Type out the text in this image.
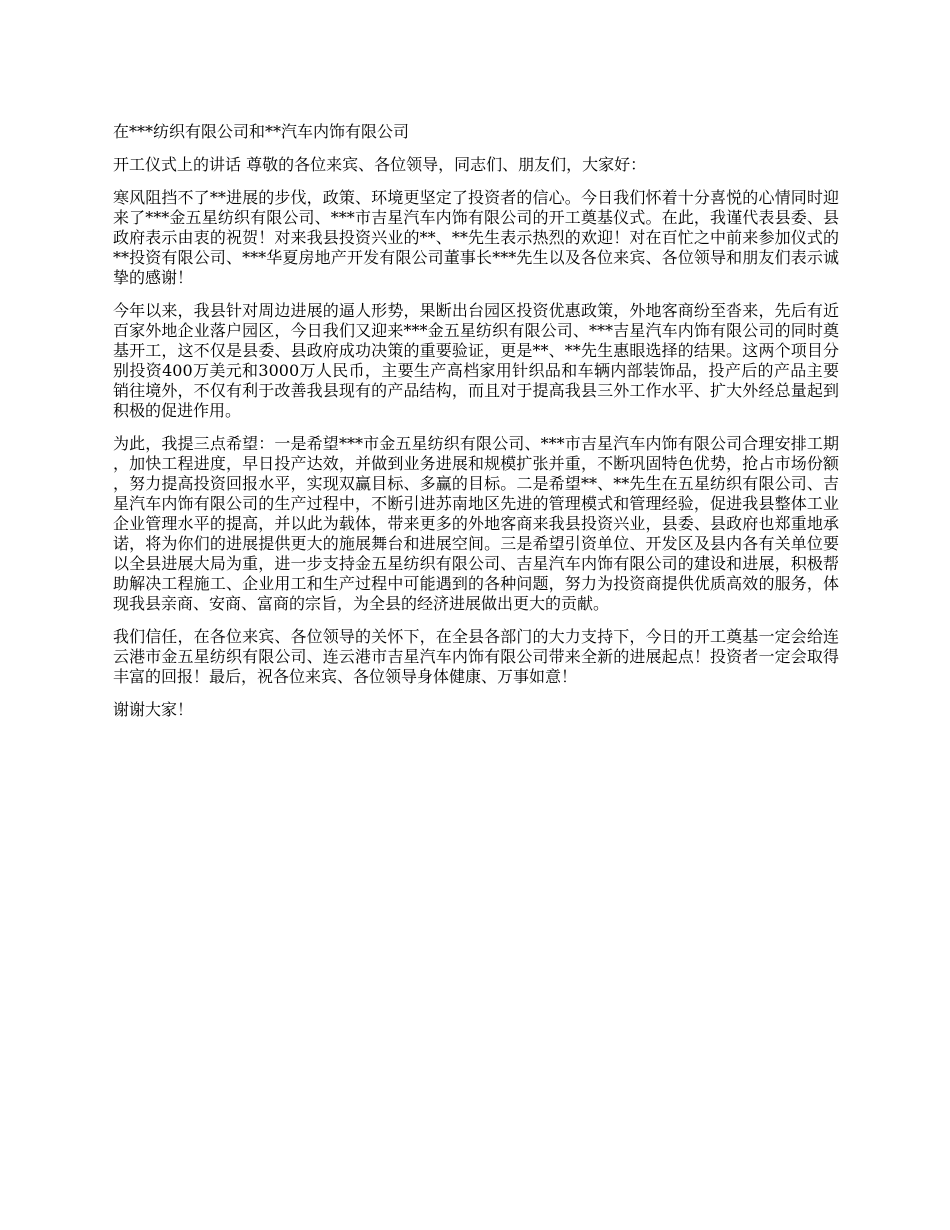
在***纺织有限公司和**汽车内饰有限公司

开工仪式上的讲话 尊敬的各位来宾、各位领导，同志们、朋友们，大家好：

寒风阻挡不了**进展的步伐，政策、环境更坚定了投资者的信心。今日我们怀着十分喜悦的心情同时迎来了***金五星纺织有限公司、***市吉星汽车内饰有限公司的开工奠基仪式。在此，我谨代表县委、县政府表示由衷的祝贺！对来我县投资兴业的**、**先生表示热烈的欢迎！对在百忙之中前来参加仪式的**投资有限公司、***华夏房地产开发有限公司董事长***先生以及各位来宾、各位领导和朋友们表示诚挚的感谢！

今年以来，我县针对周边进展的逼人形势，果断出台园区投资优惠政策，外地客商纷至沓来，先后有近百家外地企业落户园区，今日我们又迎来***金五星纺织有限公司、***吉星汽车内饰有限公司的同时奠基开工，这不仅是县委、县政府成功决策的重要验证，更是**、**先生惠眼选择的结果。这两个项目分别投资400万美元和3000万人民币，主要生产高档家用针织品和车辆内部装饰品，投产后的产品主要销往境外，不仅有利于改善我县现有的产品结构，而且对于提高我县三外工作水平、扩大外经总量起到积极的促进作用。

为此，我提三点希望：一是希望***市金五星纺织有限公司、***市吉星汽车内饰有限公司合理安排工期，加快工程进度，早日投产达效，并做到业务进展和规模扩张并重，不断巩固特色优势，抢占市场份额，努力提高投资回报水平，实现双赢目标、多赢的目标。二是希望**、**先生在五星纺织有限公司、吉星汽车内饰有限公司的生产过程中，不断引进苏南地区先进的管理模式和管理经验，促进我县整体工业企业管理水平的提高，并以此为载体，带来更多的外地客商来我县投资兴业，县委、县政府也郑重地承诺，将为你们的进展提供更大的施展舞台和进展空间。三是希望引资单位、开发区及县内各有关单位要以全县进展大局为重，进一步支持金五星纺织有限公司、吉星汽车内饰有限公司的建设和进展，积极帮助解决工程施工、企业用工和生产过程中可能遇到的各种问题，努力为投资商提供优质高效的服务，体现我县亲商、安商、富商的宗旨，为全县的经济进展做出更大的贡献。

我们信任，在各位来宾、各位领导的关怀下，在全县各部门的大力支持下，今日的开工奠基一定会给连云港市金五星纺织有限公司、连云港市吉星汽车内饰有限公司带来全新的进展起点！投资者一定会取得丰富的回报！最后，祝各位来宾、各位领导身体健康、万事如意！

谢谢大家！
